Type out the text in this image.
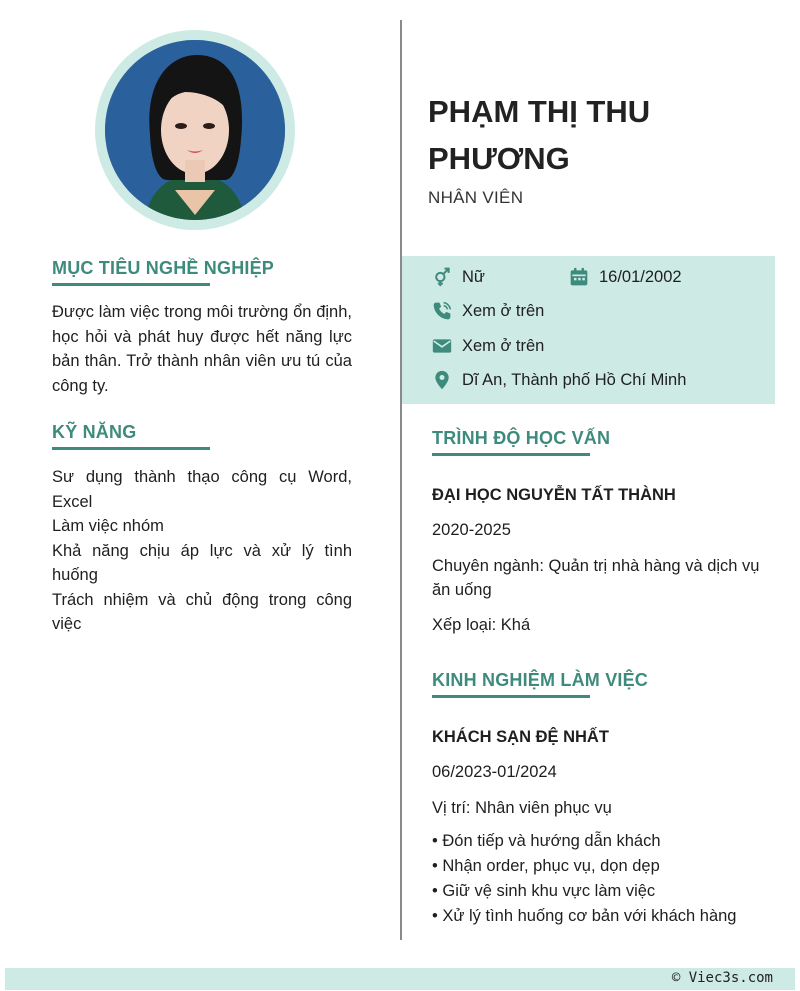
MỤC TIÊU NGHỀ NGHIỆP

Được làm việc trong môi trường ổn định, học hỏi và phát huy được hết năng lực bản thân. Trở thành nhân viên ưu tú của công ty.

KỸ NĂNG

Sư dụng thành thạo công cụ Word, Excel

Làm việc nhóm

Khả năng chịu áp lực và xử lý tình huống

Trách nhiệm và chủ động trong công việc

PHẠM THỊ THU PHƯƠNG
NHÂN VIÊN
Nữ	16/01/2002
Xem ở trên
Xem ở trên
Dĩ An, Thành phố Hồ Chí Minh
TRÌNH ĐỘ HỌC VẤN
ĐẠI HỌC NGUYỄN TẤT THÀNH

2020-2025

Chuyên ngành: Quản trị nhà hàng và dịch vụ ăn uống

Xếp loại: Khá

KINH NGHIỆM LÀM VIỆC
KHÁCH SẠN ĐỆ NHẤT

06/2023-01/2024

Vị trí: Nhân viên phục vụ

• Đón tiếp và hướng dẫn khách
• Nhận order, phục vụ, dọn dẹp
• Giữ vệ sinh khu vực làm việc
• Xử lý tình huống cơ bản với khách hàng
© Viec3s.com
